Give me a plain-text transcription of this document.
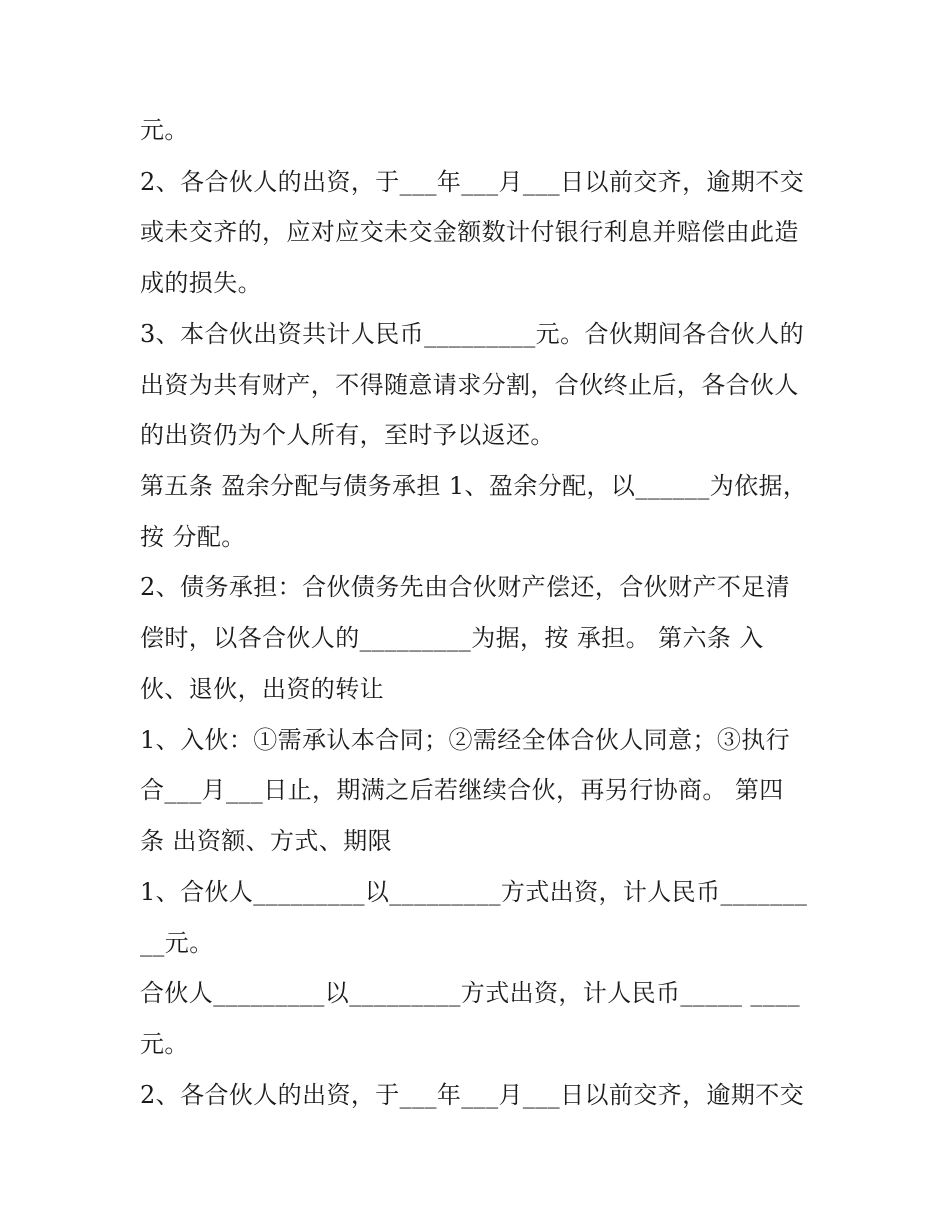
元。

2、各合伙人的出资，于___年___月___日以前交齐，逾期不交

或未交齐的，应对应交未交金额数计付银行利息并赔偿由此造

成的损失。

3、本合伙出资共计人民币_________元。合伙期间各合伙人的

出资为共有财产，不得随意请求分割，合伙终止后，各合伙人

的出资仍为个人所有，至时予以返还。

第五条 盈余分配与债务承担 1、盈余分配，以______为依据，

按 分配。

2、债务承担：合伙债务先由合伙财产偿还，合伙财产不足清

偿时，以各合伙人的_________为据，按 承担。 第六条 入

伙、退伙，出资的转让

1、入伙：①需承认本合同；②需经全体合伙人同意；③执行

合___月___日止，期满之后若继续合伙，再另行协商。 第四

条 出资额、方式、期限

1、合伙人_________以_________方式出资，计人民币_______

__元。

合伙人_________以_________方式出资，计人民币_____ ____

元。

2、各合伙人的出资，于___年___月___日以前交齐，逾期不交
